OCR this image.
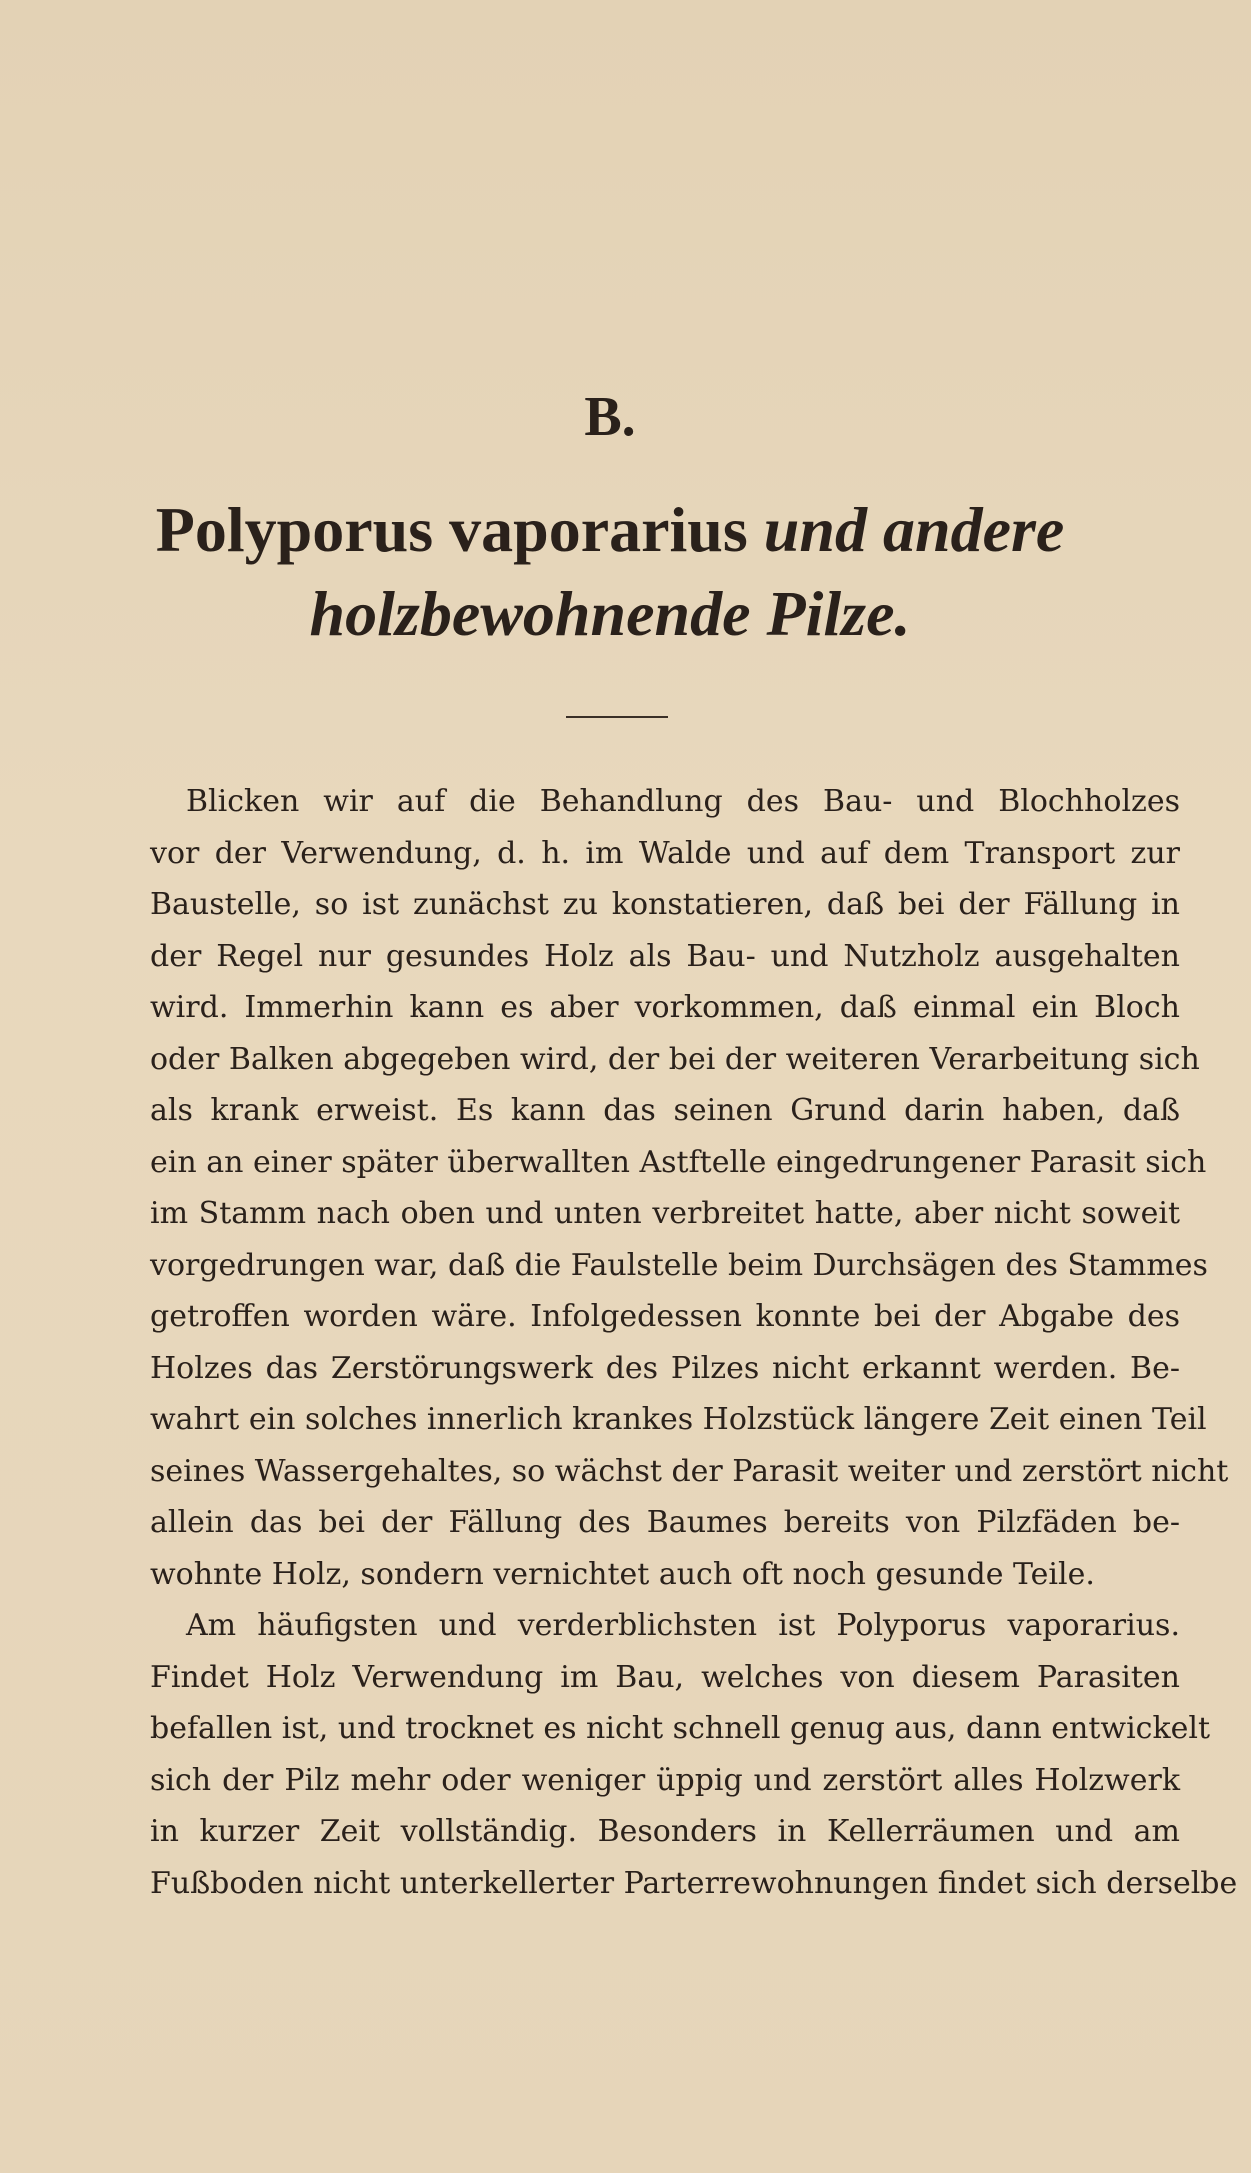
B.
Polyporus vaporarius und andere
holzbewohnende Pilze.
Blicken wir auf die Behandlung des Bau- und Blochholzes
vor der Verwendung, d. h. im Walde und auf dem Transport zur
Baustelle, so ist zunächst zu konstatieren, daß bei der Fällung in
der Regel nur gesundes Holz als Bau- und Nutzholz ausgehalten
wird. Immerhin kann es aber vorkommen, daß einmal ein Bloch
oder Balken abgegeben wird, der bei der weiteren Verarbeitung sich
als krank erweist. Es kann das seinen Grund darin haben, daß
ein an einer später überwallten Astftelle eingedrungener Parasit sich
im Stamm nach oben und unten verbreitet hatte, aber nicht soweit
vorgedrungen war, daß die Faulstelle beim Durchsägen des Stammes
getroffen worden wäre. Infolgedessen konnte bei der Abgabe des
Holzes das Zerstörungswerk des Pilzes nicht erkannt werden. Be-
wahrt ein solches innerlich krankes Holzstück längere Zeit einen Teil
seines Wassergehaltes, so wächst der Parasit weiter und zerstört nicht
allein das bei der Fällung des Baumes bereits von Pilzfäden be-
wohnte Holz, sondern vernichtet auch oft noch gesunde Teile.
Am häufigsten und verderblichsten ist Polyporus vaporarius.
Findet Holz Verwendung im Bau, welches von diesem Parasiten
befallen ist, und trocknet es nicht schnell genug aus, dann entwickelt
sich der Pilz mehr oder weniger üppig und zerstört alles Holzwerk
in kurzer Zeit vollständig. Besonders in Kellerräumen und am
Fußboden nicht unterkellerter Parterrewohnungen findet sich derselbe
